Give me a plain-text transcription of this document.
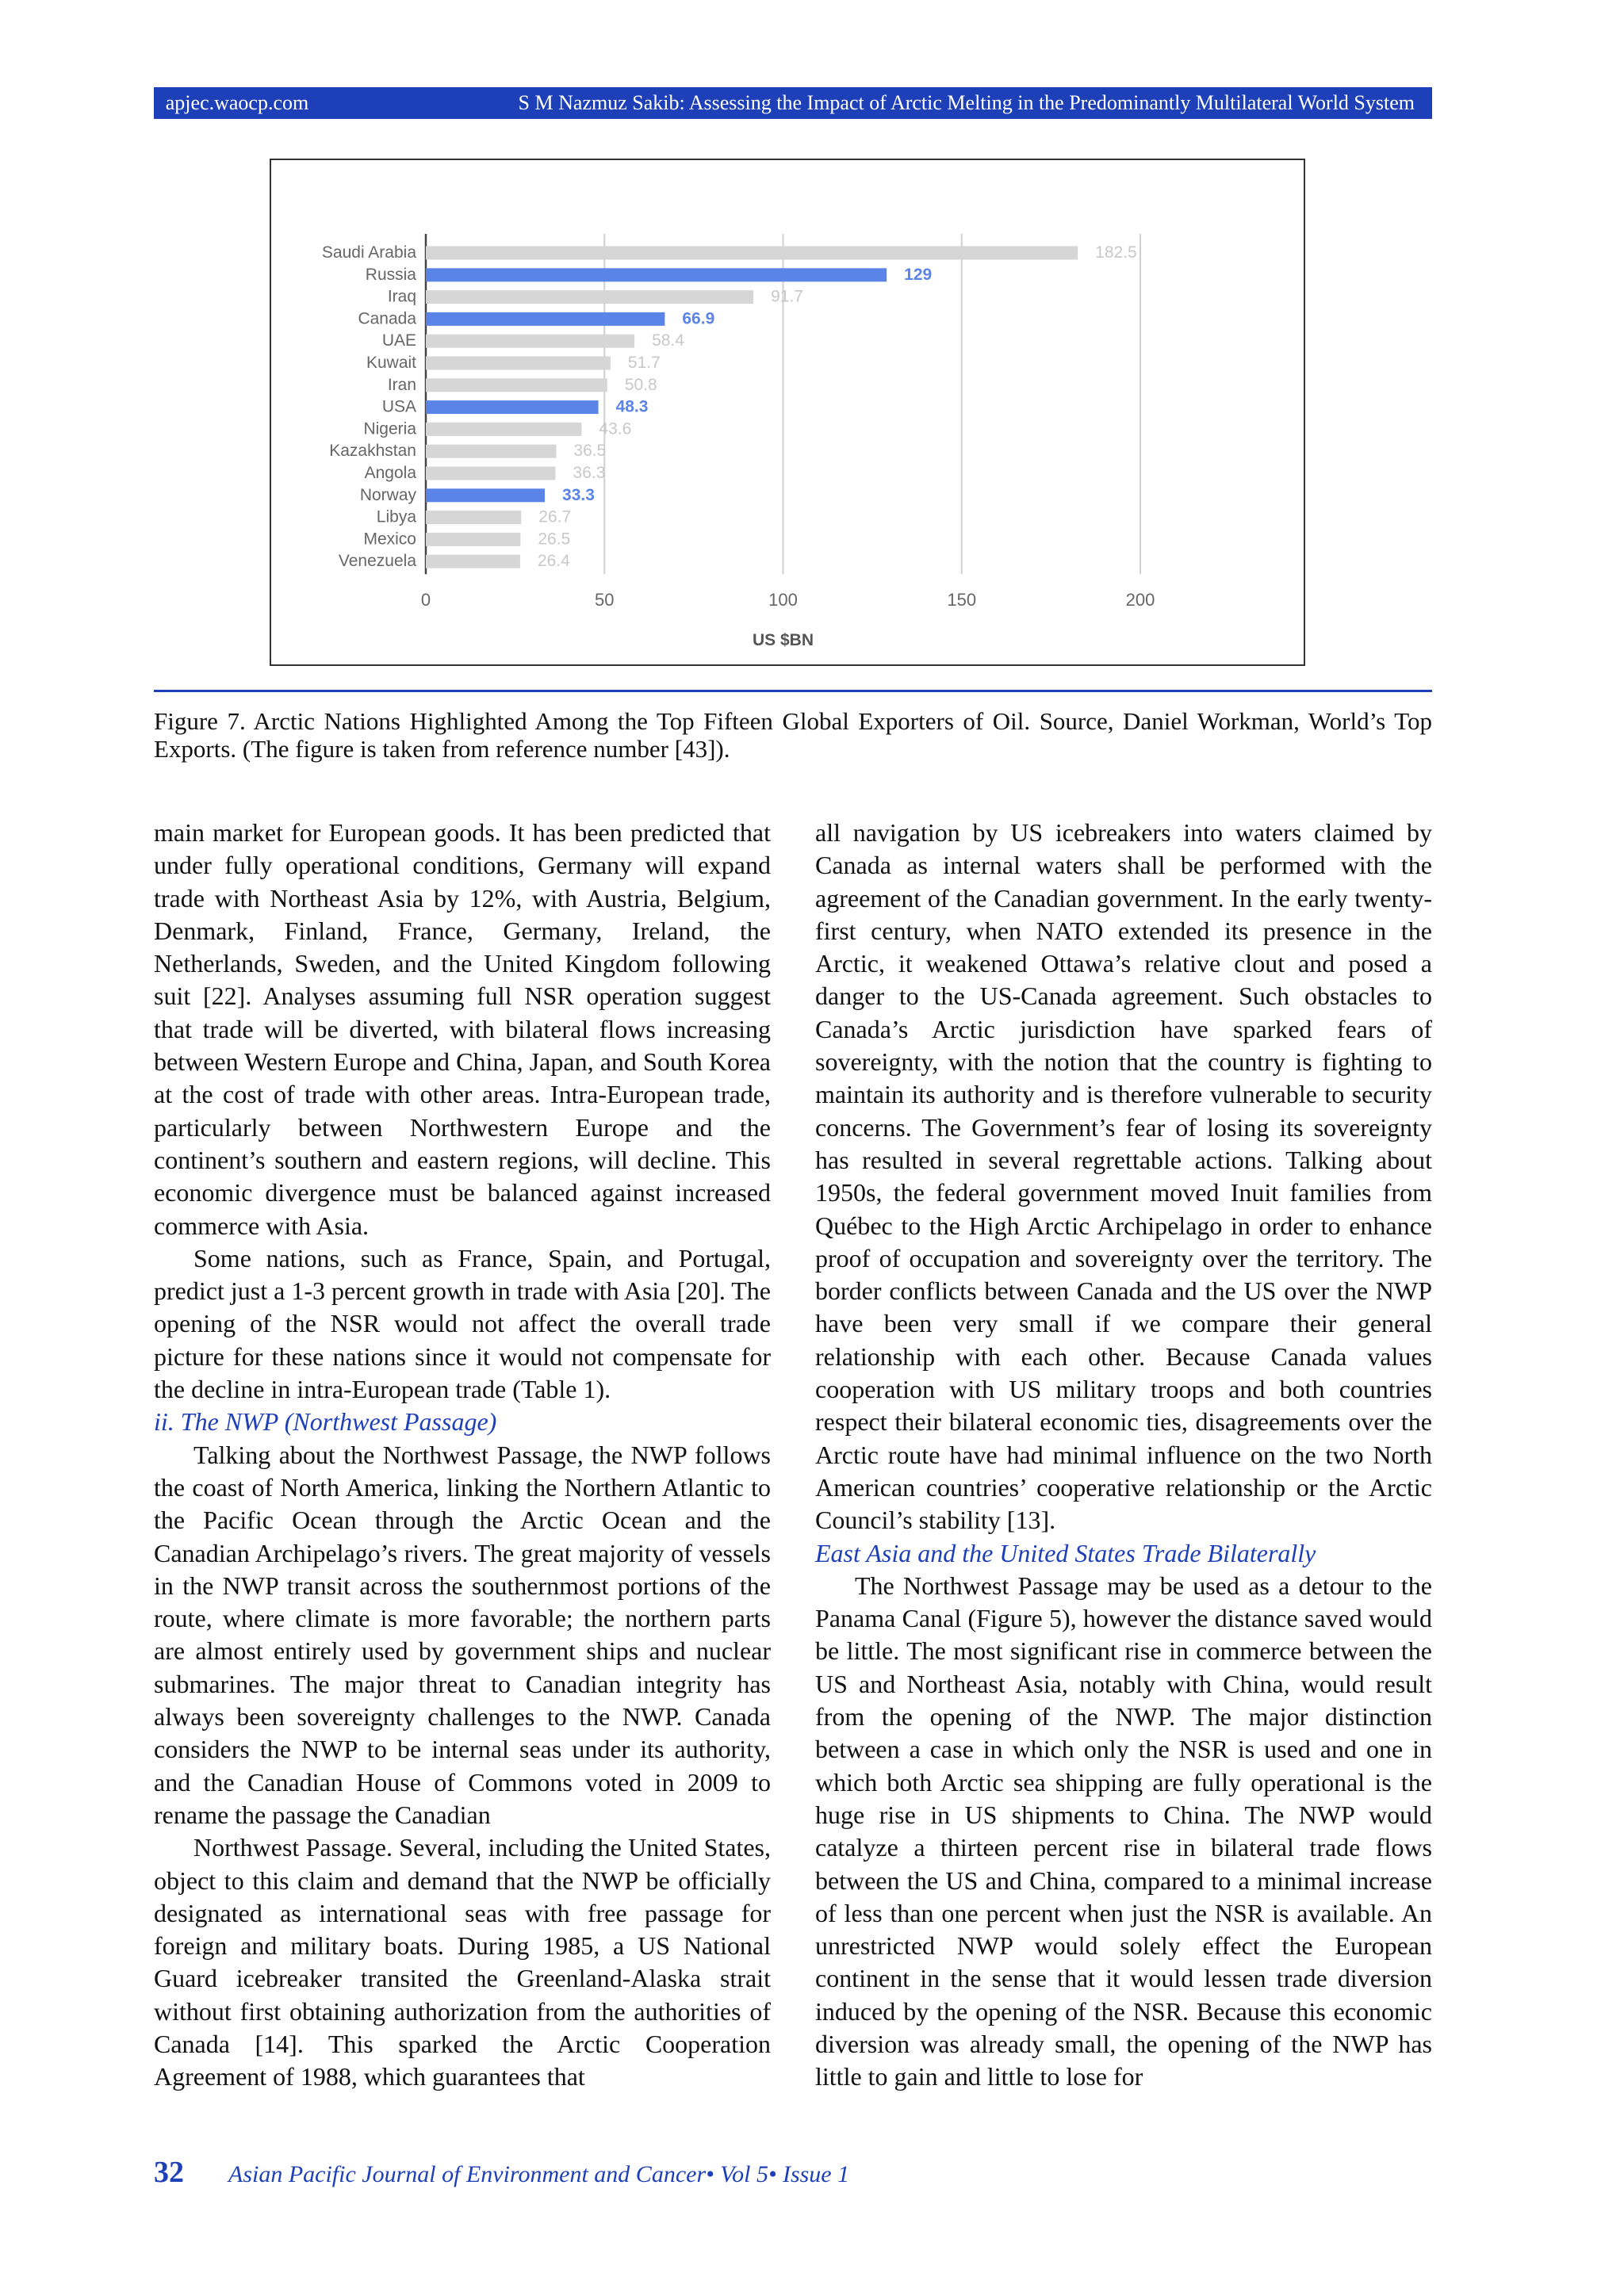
apjec.waocp.com	S M Nazmuz Sakib: Assessing the Impact of Arctic Melting in the Predominantly Multilateral World System
0	50	100	150	200
Saudi Arabia	182.5
Russia	129
Iraq	91.7
Canada	66.9
UAE	58.4
Kuwait	51.7
Iran	50.8
USA	48.3
Nigeria	43.6
Kazakhstan	36.5
Angola	36.3
Norway	33.3
Libya	26.7
Mexico	26.5
Venezuela	26.4
US $BN
Figure 7. Arctic Nations Highlighted Among the Top Fifteen Global Exporters of Oil. Source, Daniel Workman, World’s Top Exports. (The figure is taken from reference number [43]).

main market for European goods. It has been predicted that under fully operational conditions, Germany will expand trade with Northeast Asia by 12%, with Austria, Belgium, Denmark, Finland, France, Germany, Ireland, the Netherlands, Sweden, and the United Kingdom following suit [22]. Analyses assuming full NSR operation suggest that trade will be diverted, with bilateral flows increasing between Western Europe and China, Japan, and South Korea at the cost of trade with other areas. Intra-European trade, particularly between Northwestern Europe and the continent’s southern and eastern regions, will decline. This economic divergence must be balanced against increased commerce with Asia.

Some nations, such as France, Spain, and Portugal, predict just a 1-3 percent growth in trade with Asia [20]. The opening of the NSR would not affect the overall trade picture for these nations since it would not compensate for the decline in intra-European trade (Table 1).

ii. The NWP (Northwest Passage)

Talking about the Northwest Passage, the NWP follows the coast of North America, linking the Northern Atlantic to the Pacific Ocean through the Arctic Ocean and the Canadian Archipelago’s rivers. The great majority of vessels in the NWP transit across the southernmost portions of the route, where climate is more favorable; the northern parts are almost entirely used by government ships and nuclear submarines. The major threat to Canadian integrity has always been sovereignty challenges to the NWP. Canada considers the NWP to be internal seas under its authority, and the Canadian House of Commons voted in 2009 to rename the passage the Canadian

Northwest Passage. Several, including the United States, object to this claim and demand that the NWP be officially designated as international seas with free passage for foreign and military boats. During 1985, a US National Guard icebreaker transited the Greenland-Alaska strait without first obtaining authorization from the authorities of Canada [14]. This sparked the Arctic Cooperation Agreement of 1988, which guarantees that

all navigation by US icebreakers into waters claimed by Canada as internal waters shall be performed with the agreement of the Canadian government. In the early twenty-first century, when NATO extended its presence in the Arctic, it weakened Ottawa’s relative clout and posed a danger to the US-Canada agreement. Such obstacles to Canada’s Arctic jurisdiction have sparked fears of sovereignty, with the notion that the country is fighting to maintain its authority and is therefore vulnerable to security concerns. The Government’s fear of losing its sovereignty has resulted in several regrettable actions. Talking about 1950s, the federal government moved Inuit families from Québec to the High Arctic Archipelago in order to enhance proof of occupation and sovereignty over the territory. The border conflicts between Canada and the US over the NWP have been very small if we compare their general relationship with each other. Because Canada values cooperation with US military troops and both countries respect their bilateral economic ties, disagreements over the Arctic route have had minimal influence on the two North American countries’ cooperative relationship or the Arctic Council’s stability [13].

East Asia and the United States Trade Bilaterally

The Northwest Passage may be used as a detour to the Panama Canal (Figure 5), however the distance saved would be little. The most significant rise in commerce between the US and Northeast Asia, notably with China, would result from the opening of the NWP. The major distinction between a case in which only the NSR is used and one in which both Arctic sea shipping are fully operational is the huge rise in US shipments to China. The NWP would catalyze a thirteen percent rise in bilateral trade flows between the US and China, compared to a minimal increase of less than one percent when just the NSR is available. An unrestricted NWP would solely effect the European continent in the sense that it would lessen trade diversion induced by the opening of the NSR. Because this economic diversion was already small, the opening of the NWP has little to gain and little to lose for

32 Asian Pacific Journal of Environment and Cancer• Vol 5• Issue 1
